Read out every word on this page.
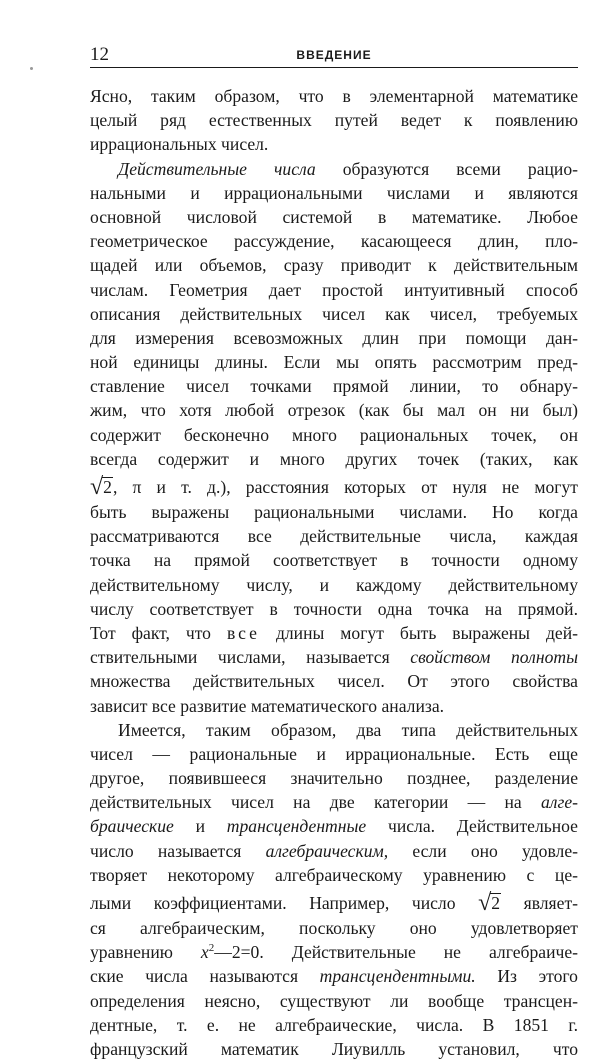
12	ВВЕДЕНИЕ
Ясно, таким образом, что в элементарной математике
целый ряд естественных путей ведет к появлению
иррациональных чисел.
Действительные числа образуются всеми рацио-
нальными и иррациональными числами и являются
основной числовой системой в математике. Любое
геометрическое рассуждение, касающееся длин, пло-
щадей или объемов, сразу приводит к действительным
числам. Геометрия дает простой интуитивный способ
описания действительных чисел как чисел, требуемых
для измерения всевозможных длин при помощи дан-
ной единицы длины. Если мы опять рассмотрим пред-
ставление чисел точками прямой линии, то обнару-
жим, что хотя любой отрезок (как бы мал он ни был)
содержит бесконечно много рациональных точек, он
всегда содержит и много других точек (таких, как
√2, π и т. д.), расстояния которых от нуля не могут
быть выражены рациональными числами. Но когда
рассматриваются все действительные числа, каждая
точка на прямой соответствует в точности одному
действительному числу, и каждому действительному
числу соответствует в точности одна точка на прямой.
Тот факт, что все длины могут быть выражены дей-
ствительными числами, называется свойством полноты
множества действительных чисел. От этого свойства
зависит все развитие математического анализа.
Имеется, таким образом, два типа действительных
чисел — рациональные и иррациональные. Есть еще
другое, появившееся значительно позднее, разделение
действительных чисел на две категории — на алге-
браические и трансцендентные числа. Действительное
число называется алгебраическим, если оно удовле-
творяет некоторому алгебраическому уравнению с це-
лыми коэффициентами. Например, число √2 являет-
ся алгебраическим, поскольку оно удовлетворяет
уравнению $x^2—2=0$. Действительные не алгебраиче-
ские числа называются трансцендентными. Из этого
определения неясно, существуют ли вообще трансцен-
дентные, т. е. не алгебраические, числа. В 1851 г.
французский математик Лиувилль установил, что
